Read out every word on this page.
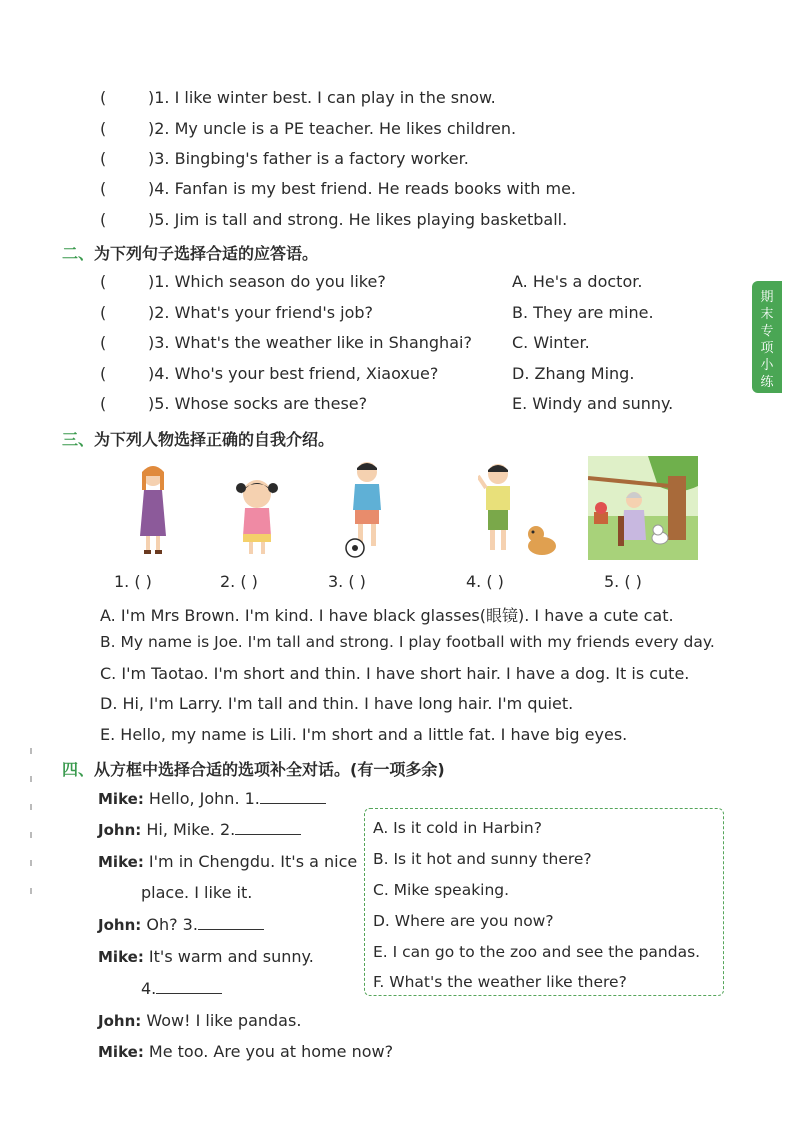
(	)1. I like winter best. I can play in the snow.
(	)2. My uncle is a PE teacher. He likes children.
(	)3. Bingbing's father is a factory worker.
(	)4. Fanfan is my best friend. He reads books with me.
(	)5. Jim is tall and strong. He likes playing basketball.
二、为下列句子选择合适的应答语。
(	)1. Which season do you like?
(	)2. What's your friend's job?
(	)3. What's the weather like in Shanghai?
(	)4. Who's your best friend, Xiaoxue?
(	)5. Whose socks are these?
A. He's a doctor.
B. They are mine.
C. Winter.
D. Zhang Ming.
E. Windy and sunny.
期
末
专
项
小
练
三、为下列人物选择正确的自我介绍。
1. ( )	2. ( )	3. ( )	4. ( )	5. ( )
A. I'm Mrs Brown. I'm kind. I have black glasses(眼镜). I have a cute cat.
B. My name is Joe. I'm tall and strong. I play football with my friends every day.
C. I'm Taotao. I'm short and thin. I have short hair. I have a dog. It is cute.
D. Hi, I'm Larry. I'm tall and thin. I have long hair. I'm quiet.
E. Hello, my name is Lili. I'm short and a little fat. I have big eyes.
四、从方框中选择合适的选项补全对话。(有一项多余)
Mike: Hello, John. 1.
John: Hi, Mike. 2.
Mike: I'm in Chengdu. It's a nice
place. I like it.
John: Oh? 3.
Mike: It's warm and sunny.
4.
John: Wow! I like pandas.
Mike: Me too. Are you at home now?
A. Is it cold in Harbin?
B. Is it hot and sunny there?
C. Mike speaking.
D. Where are you now?
E. I can go to the zoo and see the pandas.
F. What's the weather like there?
